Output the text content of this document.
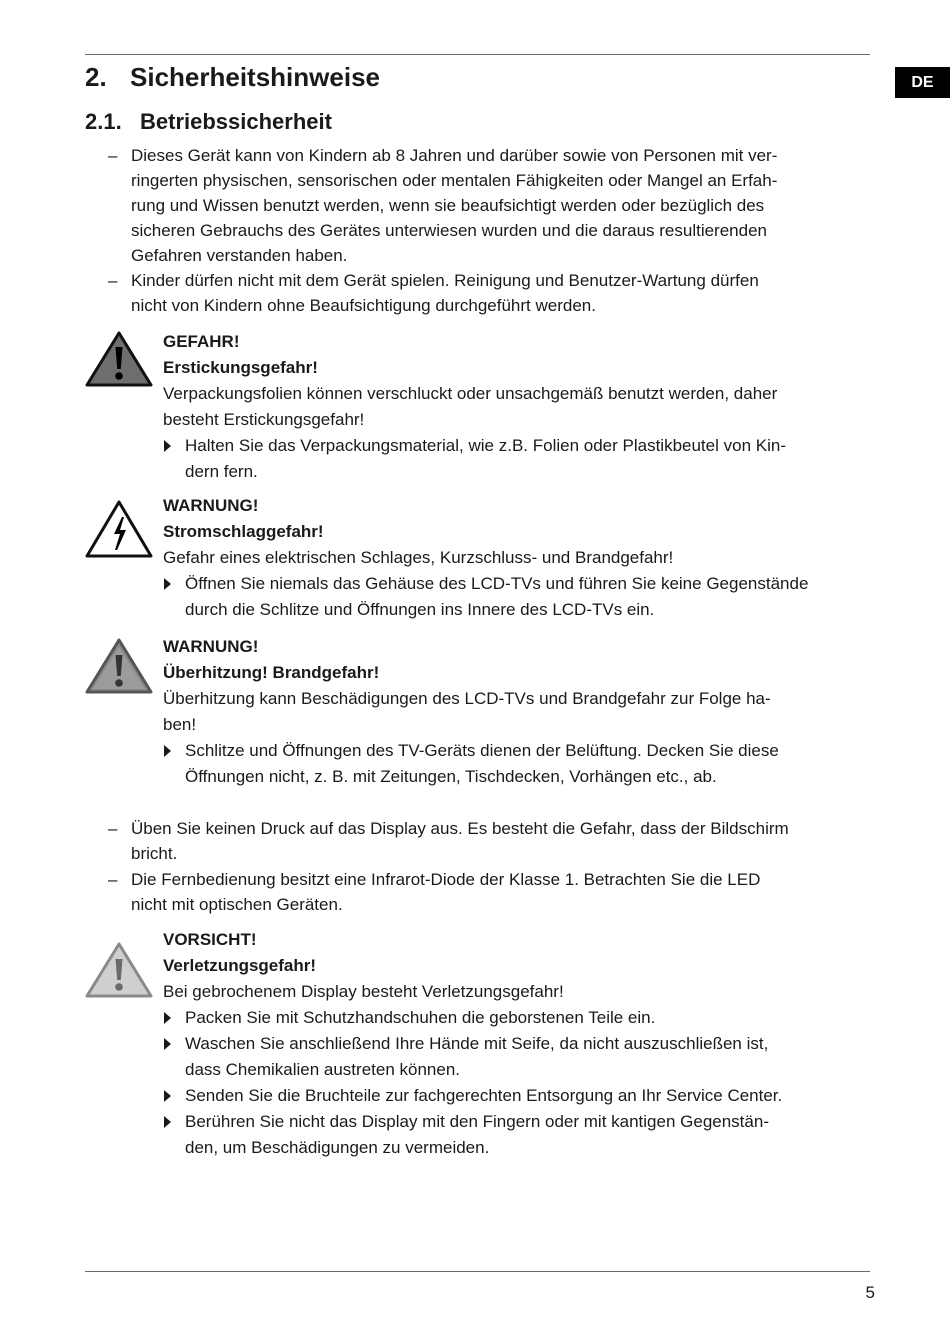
DE
2. Sicherheitshinweise
2.1. Betriebssicherheit
– Dieses Gerät kann von Kindern ab 8 Jahren und darüber sowie von Personen mit ver-
ringerten physischen, sensorischen oder mentalen Fähigkeiten oder Mangel an Erfah-
rung und Wissen benutzt werden, wenn sie beaufsichtigt werden oder bezüglich des
sicheren Gebrauchs des Gerätes unterwiesen wurden und die daraus resultierenden
Gefahren verstanden haben.
– Kinder dürfen nicht mit dem Gerät spielen. Reinigung und Benutzer-Wartung dürfen
nicht von Kindern ohne Beaufsichtigung durchgeführt werden.
GEFAHR!
Erstickungsgefahr!
Verpackungsfolien können verschluckt oder unsachgemäß benutzt werden, daher
besteht Erstickungsgefahr!
Halten Sie das Verpackungsmaterial, wie z.B. Folien oder Plastikbeutel von Kin-
dern fern.
WARNUNG!
Stromschlaggefahr!
Gefahr eines elektrischen Schlages, Kurzschluss- und Brandgefahr!
Öffnen Sie niemals das Gehäuse des LCD-TVs und führen Sie keine Gegenstände
durch die Schlitze und Öffnungen ins Innere des LCD-TVs ein.
WARNUNG!
Überhitzung! Brandgefahr!
Überhitzung kann Beschädigungen des LCD-TVs und Brandgefahr zur Folge ha-
ben!
Schlitze und Öffnungen des TV-Geräts dienen der Belüftung. Decken Sie diese
Öffnungen nicht, z. B. mit Zeitungen, Tischdecken, Vorhängen etc., ab.
– Üben Sie keinen Druck auf das Display aus. Es besteht die Gefahr, dass der Bildschirm
bricht.
– Die Fernbedienung besitzt eine Infrarot-Diode der Klasse 1. Betrachten Sie die LED
nicht mit optischen Geräten.
VORSICHT!
Verletzungsgefahr!
Bei gebrochenem Display besteht Verletzungsgefahr!
Packen Sie mit Schutzhandschuhen die geborstenen Teile ein.
Waschen Sie anschließend Ihre Hände mit Seife, da nicht auszuschließen ist,
dass Chemikalien austreten können.
Senden Sie die Bruchteile zur fachgerechten Entsorgung an Ihr Service Center.
Berühren Sie nicht das Display mit den Fingern oder mit kantigen Gegenstän-
den, um Beschädigungen zu vermeiden.
5
